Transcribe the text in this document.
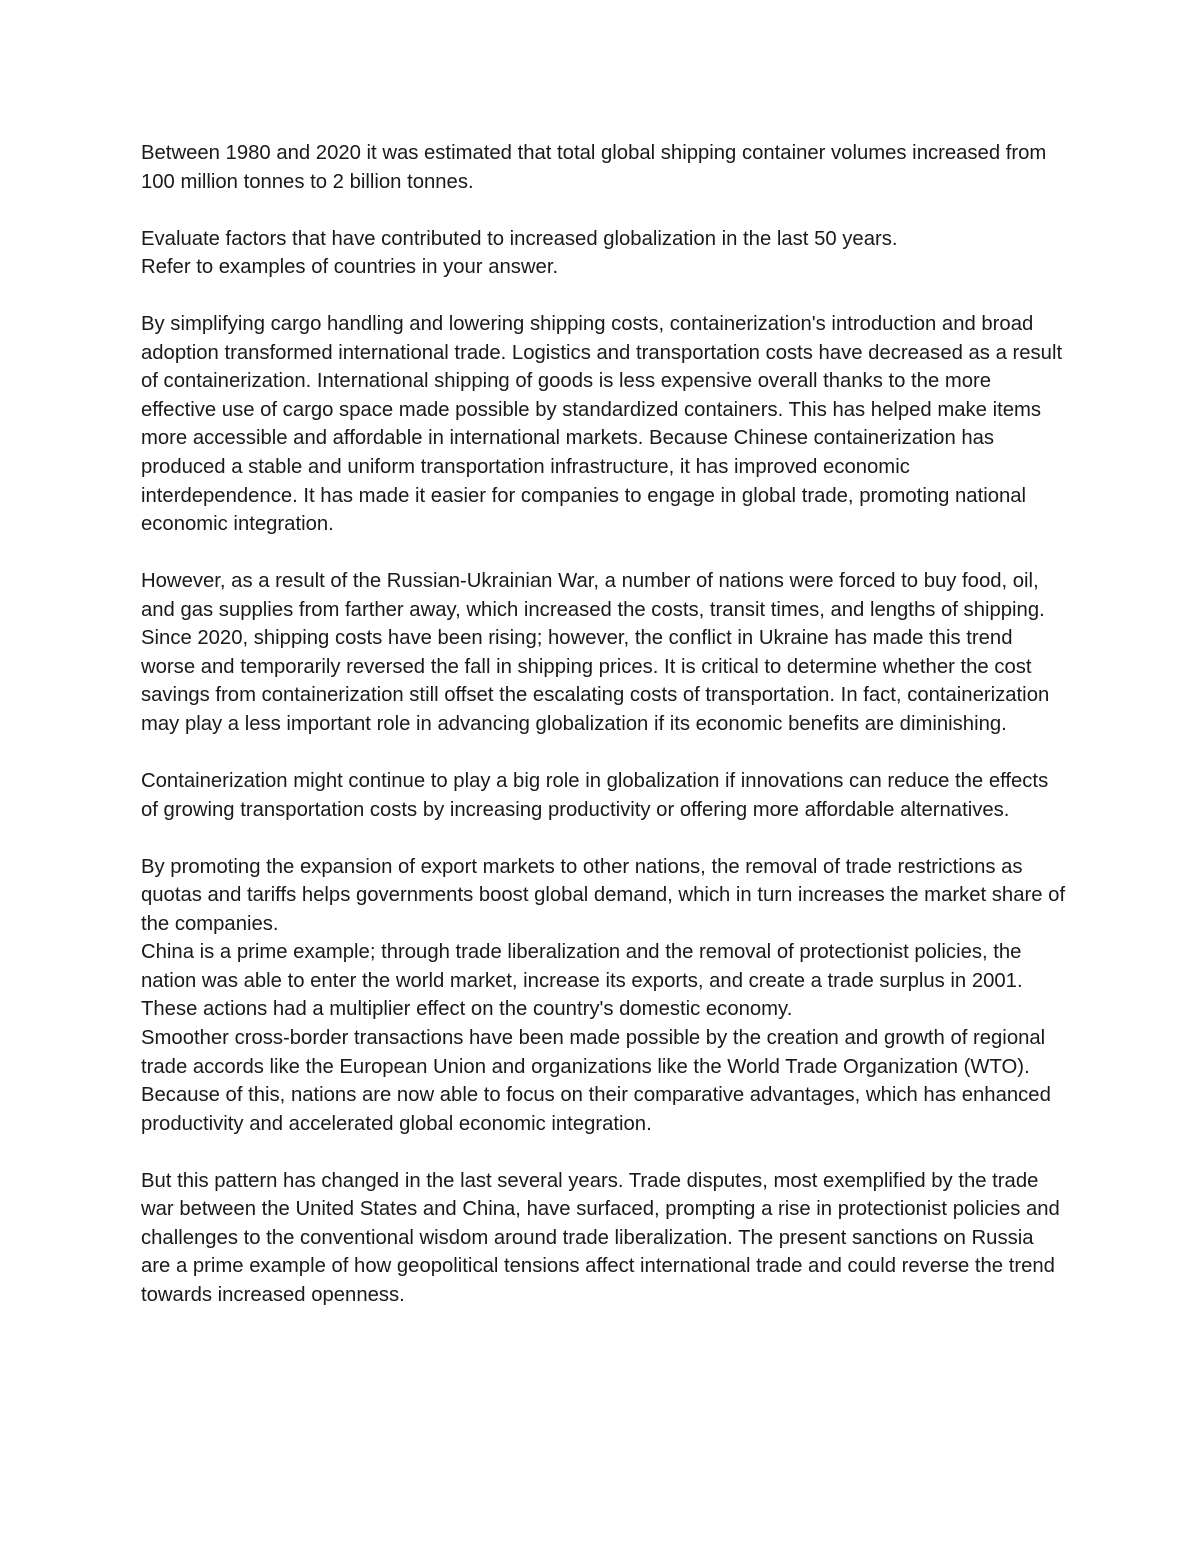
Between 1980 and 2020 it was estimated that total global shipping container volumes increased from 100 million tonnes to 2 billion tonnes.

Evaluate factors that have contributed to increased globalization in the last 50 years.

Refer to examples of countries in your answer.

By simplifying cargo handling and lowering shipping costs, containerization's introduction and broad adoption transformed international trade. Logistics and transportation costs have decreased as a result of containerization. International shipping of goods is less expensive overall thanks to the more effective use of cargo space made possible by standardized containers. This has helped make items more accessible and affordable in international markets. Because Chinese containerization has produced a stable and uniform transportation infrastructure, it has improved economic interdependence. It has made it easier for companies to engage in global trade, promoting national economic integration.

However, as a result of the Russian-Ukrainian War, a number of nations were forced to buy food, oil, and gas supplies from farther away, which increased the costs, transit times, and lengths of shipping. Since 2020, shipping costs have been rising; however, the conflict in Ukraine has made this trend worse and temporarily reversed the fall in shipping prices. It is critical to determine whether the cost savings from containerization still offset the escalating costs of transportation. In fact, containerization may play a less important role in advancing globalization if its economic benefits are diminishing.

Containerization might continue to play a big role in globalization if innovations can reduce the effects of growing transportation costs by increasing productivity or offering more affordable alternatives.

By promoting the expansion of export markets to other nations, the removal of trade restrictions as quotas and tariffs helps governments boost global demand, which in turn increases the market share of the companies.

China is a prime example; through trade liberalization and the removal of protectionist policies, the nation was able to enter the world market, increase its exports, and create a trade surplus in 2001. These actions had a multiplier effect on the country's domestic economy.

Smoother cross-border transactions have been made possible by the creation and growth of regional trade accords like the European Union and organizations like the World Trade Organization (WTO). Because of this, nations are now able to focus on their comparative advantages, which has enhanced productivity and accelerated global economic integration.

But this pattern has changed in the last several years. Trade disputes, most exemplified by the trade war between the United States and China, have surfaced, prompting a rise in protectionist policies and challenges to the conventional wisdom around trade liberalization. The present sanctions on Russia are a prime example of how geopolitical tensions affect international trade and could reverse the trend towards increased openness.
